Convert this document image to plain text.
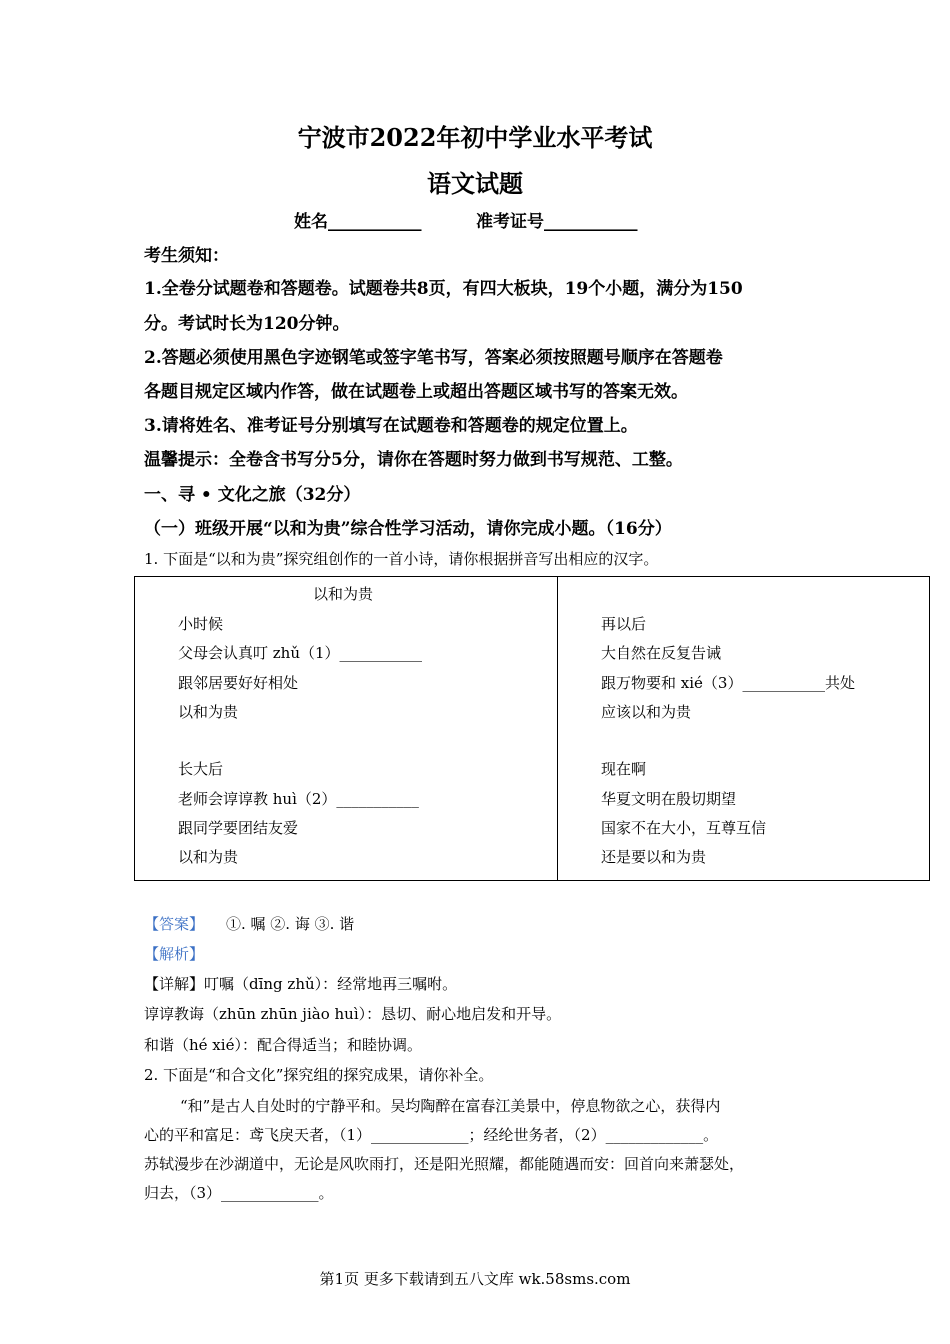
宁波市2022年初中学业水平考试
语文试题
姓名___________	准考证号___________
考生须知：
1.全卷分试题卷和答题卷。试题卷共8页，有四大板块，19个小题，满分为150
分。考试时长为120分钟。
2.答题必须使用黑色字迹钢笔或签字笔书写，答案必须按照题号顺序在答题卷
各题目规定区域内作答，做在试题卷上或超出答题区域书写的答案无效。
3.请将姓名、准考证号分别填写在试题卷和答题卷的规定位置上。
温馨提示：全卷含书写分5分，请你在答题时努力做到书写规范、工整。
一、寻 • 文化之旅（32分）
（一）班级开展“以和为贵”综合性学习活动，请你完成小题。（16分）
1. 下面是“以和为贵”探究组创作的一首小诗，请你根据拼音写出相应的汉字。
以和为贵
小时候
父母会认真叮 zhǔ（1）___________
跟邻居要好好相处
以和为贵
长大后
老师会谆谆教 huì（2）___________
跟同学要团结友爱
以和为贵

再以后
大自然在反复告诫
跟万物要和 xié（3）___________共处
应该以和为贵
现在啊
华夏文明在殷切期望
国家不在大小，互尊互信
还是要以和为贵
【答案】 ①. 嘱 ②. 诲 ③. 谐
【解析】
【详解】叮嘱（dīng zhǔ）：经常地再三嘱咐。
谆谆教诲（zhūn zhūn jiào huì）：恳切、耐心地启发和开导。
和谐（hé xié）：配合得适当；和睦协调。
2. 下面是“和合文化”探究组的探究成果，请你补全。
“和”是古人自处时的宁静平和。吴均陶醉在富春江美景中，停息物欲之心，获得内
心的平和富足：鸢飞戾天者，（1）_____________；经纶世务者，（2）_____________。
苏轼漫步在沙湖道中，无论是风吹雨打，还是阳光照耀，都能随遇而安：回首向来萧瑟处，
归去，（3）_____________。
第1页 更多下载请到五八文库 wk.58sms.com
